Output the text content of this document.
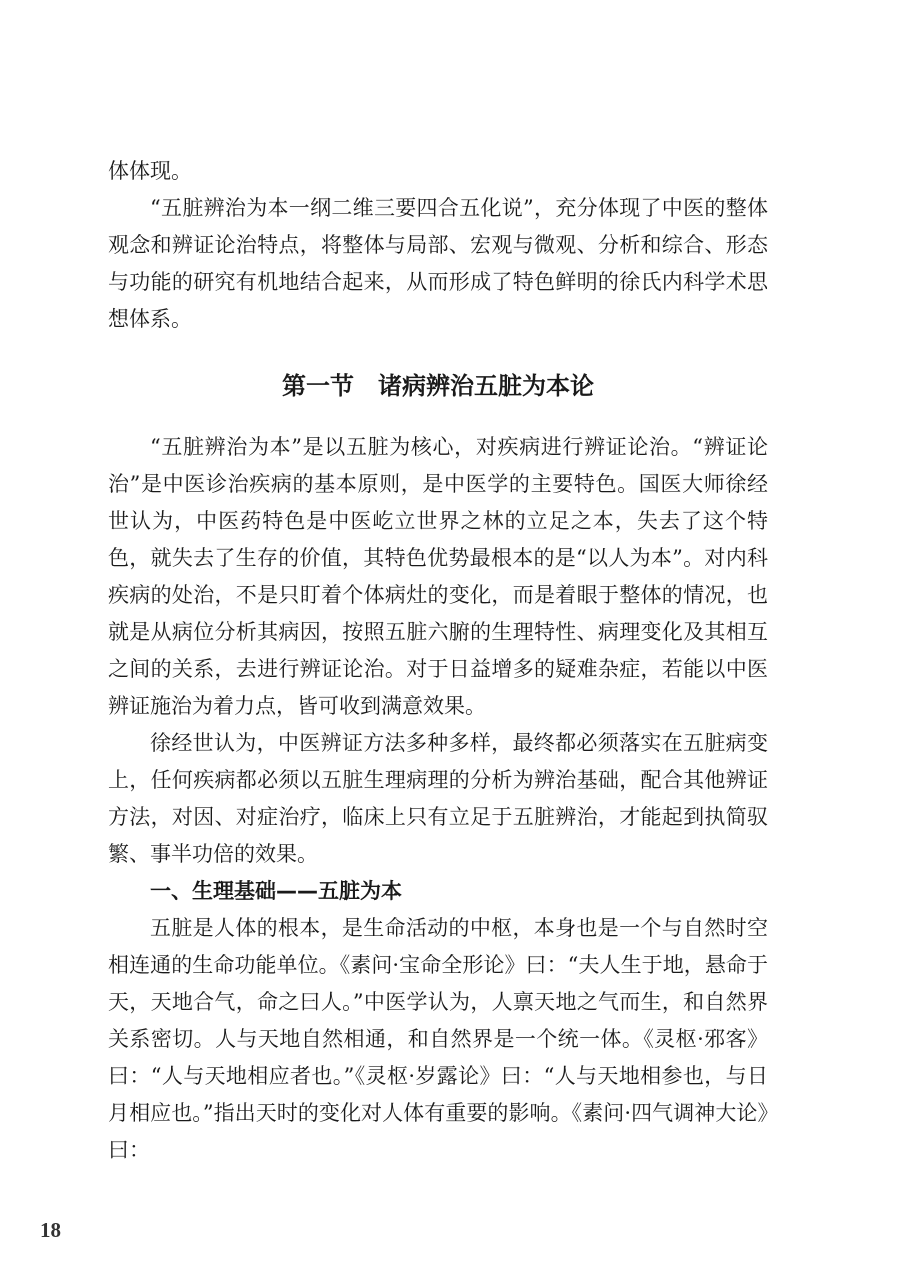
体体现。

“五脏辨治为本一纲二维三要四合五化说”，充分体现了中医的整体观念和辨证论治特点，将整体与局部、宏观与微观、分析和综合、形态与功能的研究有机地结合起来，从而形成了特色鲜明的徐氏内科学术思想体系。

第一节　诸病辨治五脏为本论

“五脏辨治为本”是以五脏为核心，对疾病进行辨证论治。“辨证论治”是中医诊治疾病的基本原则，是中医学的主要特色。国医大师徐经世认为，中医药特色是中医屹立世界之林的立足之本，失去了这个特色，就失去了生存的价值，其特色优势最根本的是“以人为本”。对内科疾病的处治，不是只盯着个体病灶的变化，而是着眼于整体的情况，也就是从病位分析其病因，按照五脏六腑的生理特性、病理变化及其相互之间的关系，去进行辨证论治。对于日益增多的疑难杂症，若能以中医辨证施治为着力点，皆可收到满意效果。

徐经世认为，中医辨证方法多种多样，最终都必须落实在五脏病变上，任何疾病都必须以五脏生理病理的分析为辨治基础，配合其他辨证方法，对因、对症治疗，临床上只有立足于五脏辨治，才能起到执简驭繁、事半功倍的效果。

一、生理基础——五脏为本

五脏是人体的根本，是生命活动的中枢，本身也是一个与自然时空相连通的生命功能单位。《素问·宝命全形论》曰：“夫人生于地，悬命于天，天地合气，命之曰人。”中医学认为，人禀天地之气而生，和自然界关系密切。人与天地自然相通，和自然界是一个统一体。《灵枢·邪客》曰：“人与天地相应者也。”《灵枢·岁露论》曰：“人与天地相参也，与日月相应也。”指出天时的变化对人体有重要的影响。《素问·四气调神大论》曰：

18
